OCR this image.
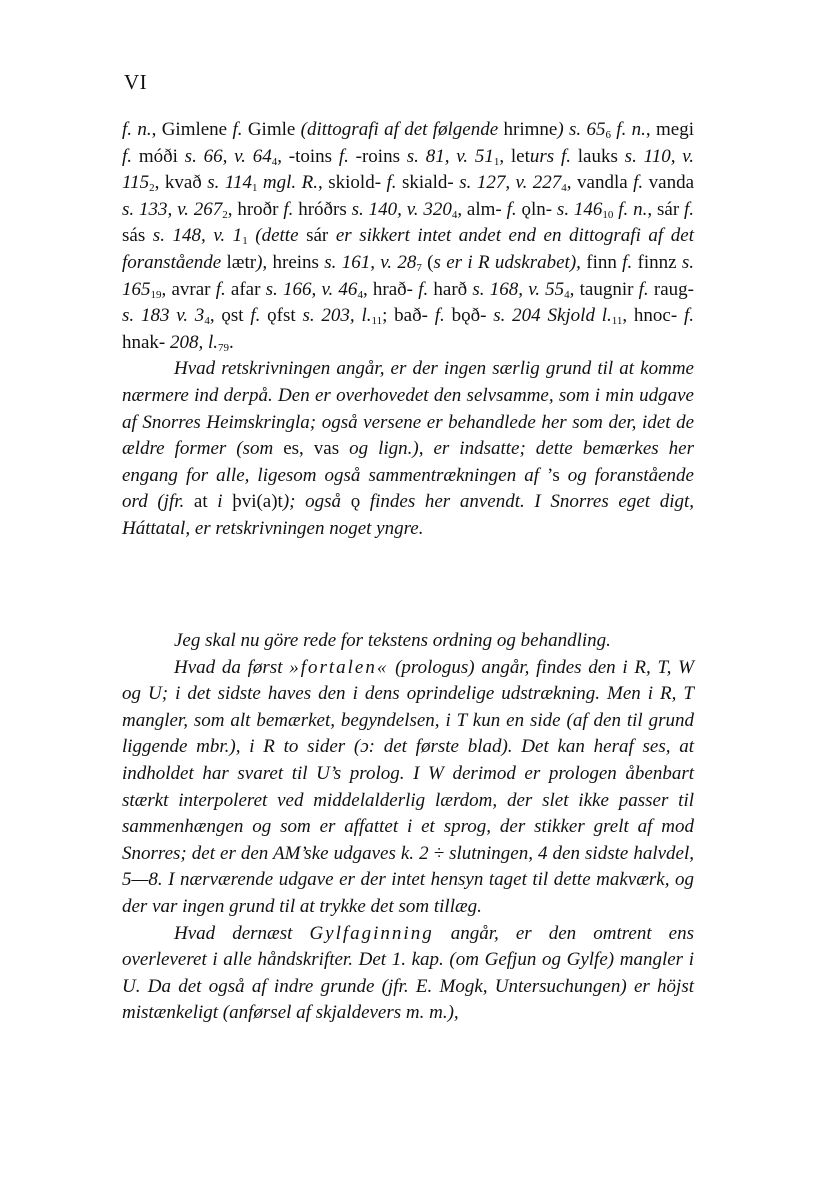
VI

f. n., Gimlene f. Gimle (dittografi af det følgende hrimne) s. $65_6$ f. n., megi f. móði s. 66, v. $64_4$, -toins f. -roins s. 81, v. $51_1$, leturs f. lauks s. 110, v. $115_2$, kvað s. $114_1$ mgl. R., skiold- f. skiald- s. 127, v. $227_4$, vandla f. vanda s. 133, v. $267_2$, hroðr f. hróðrs s. 140, v. $320_4$, alm- f. ǫln- s. $146_{10}$ f. n., sár f. sás s. 148, v. $1_1$ (dette sár er sikkert intet andet end en dittografi af det foranstående lætr), hreins s. 161, v. $28_7$ (s er i R udskrabet), finn f. finnz s. $165_{19}$, avrar f. afar s. 166, v. $46_4$, hrað- f. harð s. 168, v. $55_4$, taugnir f. raug- s. 183 v. $3_4$, ǫst f. ǫfst s. 203, $l._{11}$; bað- f. bǫð- s. 204 Skjold $l._{11}$, hnoc- f. hnak- 208, $l._{79}$.

Hvad retskrivningen angår, er der ingen særlig grund til at komme nærmere ind derpå. Den er overhovedet den selvsamme, som i min udgave af Snorres Heimskringla; også versene er behandlede her som der, idet de ældre former (som es, vas og lign.), er indsatte; dette bemærkes her engang for alle, ligesom også sammentrækningen af ’s og foranstående ord (jfr. at i þvi(a)t); også ǫ findes her anvendt. I Snorres eget digt, Háttatal, er retskrivningen noget yngre.

Jeg skal nu göre rede for tekstens ordning og behandling.

Hvad da først »fortalen« (prologus) angår, findes den i R, T, W og U; i det sidste haves den i dens oprindelige udstrækning. Men i R, T mangler, som alt bemærket, begyndelsen, i T kun en side (af den til grund liggende mbr.), i R to sider (ɔ: det første blad). Det kan heraf ses, at indholdet har svaret til U’s prolog. I W derimod er prologen åbenbart stærkt interpoleret ved middelalderlig lærdom, der slet ikke passer til sammenhængen og som er affattet i et sprog, der stikker grelt af mod Snorres; det er den AM’ske udgaves k. 2 ÷ slutningen, 4 den sidste halvdel, 5—8. I nærværende udgave er der intet hensyn taget til dette makværk, og der var ingen grund til at trykke det som tillæg.

Hvad dernæst Gylfaginning angår, er den omtrent ens overleveret i alle håndskrifter. Det 1. kap. (om Gefjun og Gylfe) mangler i U. Da det også af indre grunde (jfr. E. Mogk, Untersuchungen) er höjst mistænkeligt (anførsel af skjaldevers m. m.),
